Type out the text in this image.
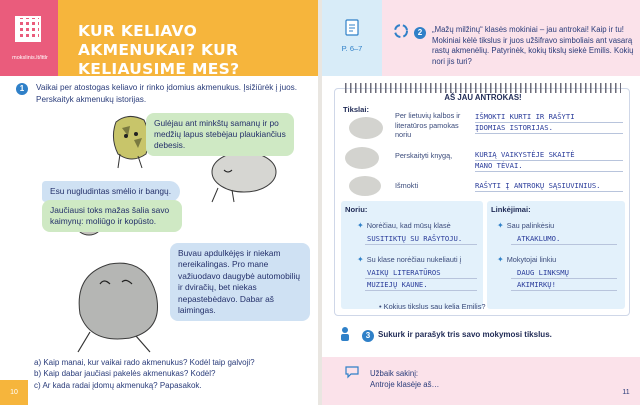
mokslinis.lt/lttlr
KUR KELIAVO AKMENUKAI? KUR KELIAUSIME MES?
1	Vaikai per atostogas keliavo ir rinko įdomius akmenukus. Įsižiūrėk į juos. Perskaityk akmenukų istorijas.
Gulėjau ant minkštų samanų ir po medžių lapus stebėjau plaukiančius debesis.
Esu nugludintas smėlio ir bangų.
Jaučiausi toks mažas šalia savo kaimynų: moliūgo ir kopūsto.
Buvau apdulkėjęs ir niekam nereikalingas. Pro mane važiuodavo daugybė automobilių ir dviračių, bet niekas nepastebėdavo. Dabar aš laimingas.
a) Kaip manai, kur vaikai rado akmenukus? Kodėl taip galvoji?
b) Kaip dabar jaučiasi pakelės akmenukas? Kodėl?
c) Ar kada radai įdomų akmenuką? Papasakok.
10
P. 6–7
2	„Mažų milžinų“ klasės mokiniai – jau antrokai! Kaip ir tu! Mokiniai kėlė tikslus ir juos užšifravo simboliais ant vasarą rastų akmenėlių. Patyrinėk, kokių tikslų siekė Emilis. Kokių nori jis turi?
AŠ JAU ANTROKAS!
Tikslai:
Per lietuvių kalbos ir literatūros pamokas noriu
IŠMOKTI KURTI IR RAŠYTI
ĮDOMIAS ISTORIJAS.
Perskaityti knygą,	KURIĄ VAIKYSTĖJE SKAITĖ
MANO TĖVAI.
Išmokti	RAŠYTI Į ANTROKŲ SĄSIUVINIUS.
Noriu:
✦ Norėčiau, kad mūsų klasė
SUSITIKTŲ SU RAŠYTOJU.
✦ Su klase norėčiau nukeliauti į
VAIKŲ LITERATŪROS
MUZIEJŲ KAUNE.
Linkėjimai:
✦ Sau palinkėsiu
ATKAKLUMO.
✦ Mokytojai linkiu
DAUG LINKSMŲ
AKIMIRKŲ!
• Kokius tikslus sau kelia Emilis?
3 Sukurk ir parašyk tris savo mokymosi tikslus.
Užbaik sakinį:
Antroje klasėje aš…
11
